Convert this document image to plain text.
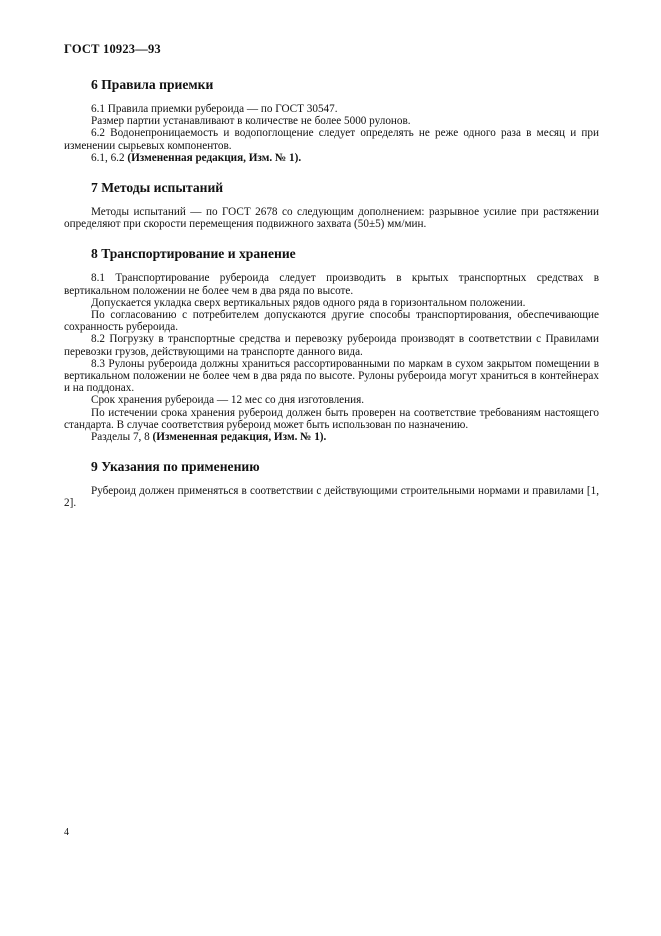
ГОСТ 10923—93
6 Правила приемки

6.1 Правила приемки рубероида — по ГОСТ 30547.

Размер партии устанавливают в количестве не более 5000 рулонов.

6.2 Водонепроницаемость и водопоглощение следует определять не реже одного раза в месяц и при изменении сырьевых компонентов.

6.1, 6.2 (Измененная редакция, Изм. № 1).

7 Методы испытаний

Методы испытаний — по ГОСТ 2678 со следующим дополнением: разрывное усилие при растяжении определяют при скорости перемещения подвижного захвата (50±5) мм/мин.

8 Транспортирование и хранение

8.1 Транспортирование рубероида следует производить в крытых транспортных средствах в вертикальном положении не более чем в два ряда по высоте.

Допускается укладка сверх вертикальных рядов одного ряда в горизонтальном положении.

По согласованию с потребителем допускаются другие способы транспортирования, обеспечивающие сохранность рубероида.

8.2 Погрузку в транспортные средства и перевозку рубероида производят в соответствии с Правилами перевозки грузов, действующими на транспорте данного вида.

8.3 Рулоны рубероида должны храниться рассортированными по маркам в сухом закрытом помещении в вертикальном положении не более чем в два ряда по высоте. Рулоны рубероида могут храниться в контейнерах и на поддонах.

Срок хранения рубероида — 12 мес со дня изготовления.

По истечении срока хранения рубероид должен быть проверен на соответствие требованиям настоящего стандарта. В случае соответствия рубероид может быть использован по назначению.

Разделы 7, 8 (Измененная редакция, Изм. № 1).

9 Указания по применению

Рубероид должен применяться в соответствии с действующими строительными нормами и правилами [1, 2].

4
